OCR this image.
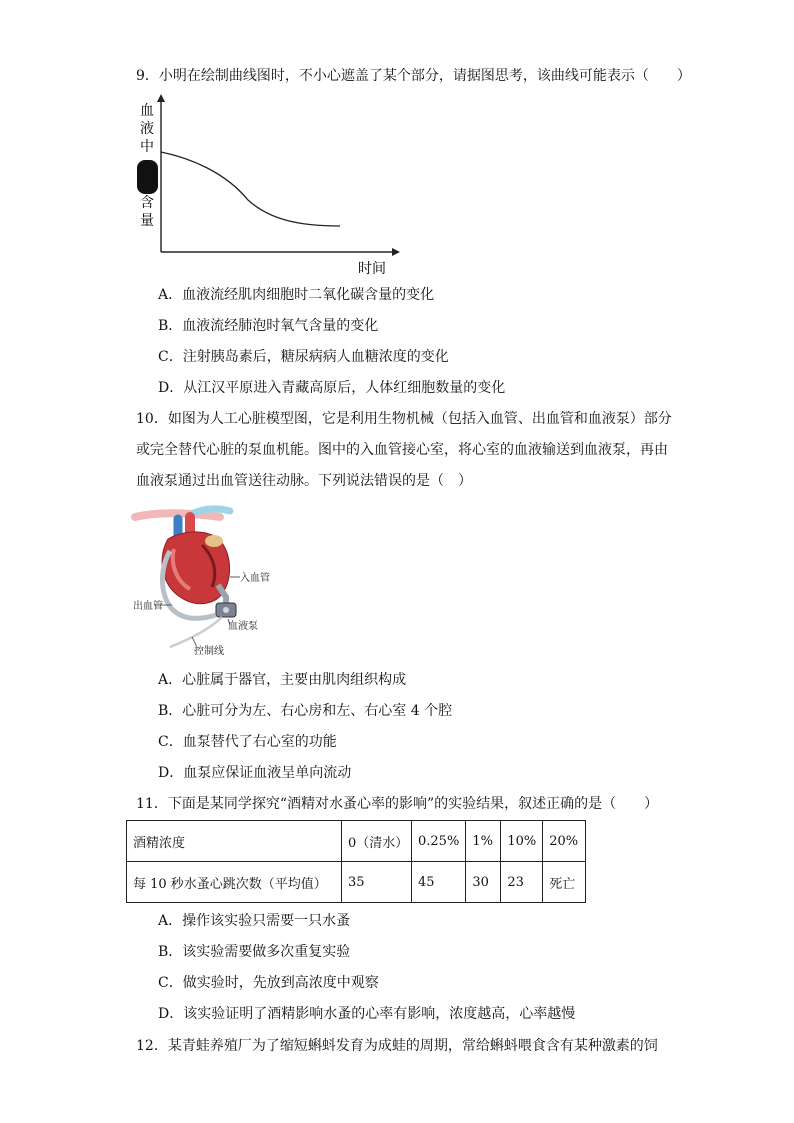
9．小明在绘制曲线图时，不小心遮盖了某个部分，请据图思考，该曲线可能表示（　　）
血
液
中
含
量
时间
A．血液流经肌肉细胞时二氧化碳含量的变化
B．血液流经肺泡时氧气含量的变化
C．注射胰岛素后，糖尿病病人血糖浓度的变化
D．从江汉平原进入青藏高原后，人体红细胞数量的变化
10．如图为人工心脏模型图，它是利用生物机械（包括入血管、出血管和血液泵）部分
或完全替代心脏的泵血机能。图中的入血管接心室，将心室的血液输送到血液泵，再由
血液泵通过出血管送往动脉。下列说法错误的是（　）
入血管
出血管
血液泵
控制线
A．心脏属于器官，主要由肌肉组织构成
B．心脏可分为左、右心房和左、右心室 4 个腔
C．血泵替代了右心室的功能
D．血泵应保证血液呈单向流动
11．下面是某同学探究“酒精对水蚤心率的影响”的实验结果，叙述正确的是（　　）
酒精浓度	0（清水）	0.25%	1%	10%	20%
每 10 秒水蚤心跳次数（平均值）	35	45	30	23	死亡
A．操作该实验只需要一只水蚤
B．该实验需要做多次重复实验
C．做实验时，先放到高浓度中观察
D．该实验证明了酒精影响水蚤的心率有影响，浓度越高，心率越慢
12．某青蛙养殖厂为了缩短蝌蚪发育为成蛙的周期，常给蝌蚪喂食含有某种激素的饲
